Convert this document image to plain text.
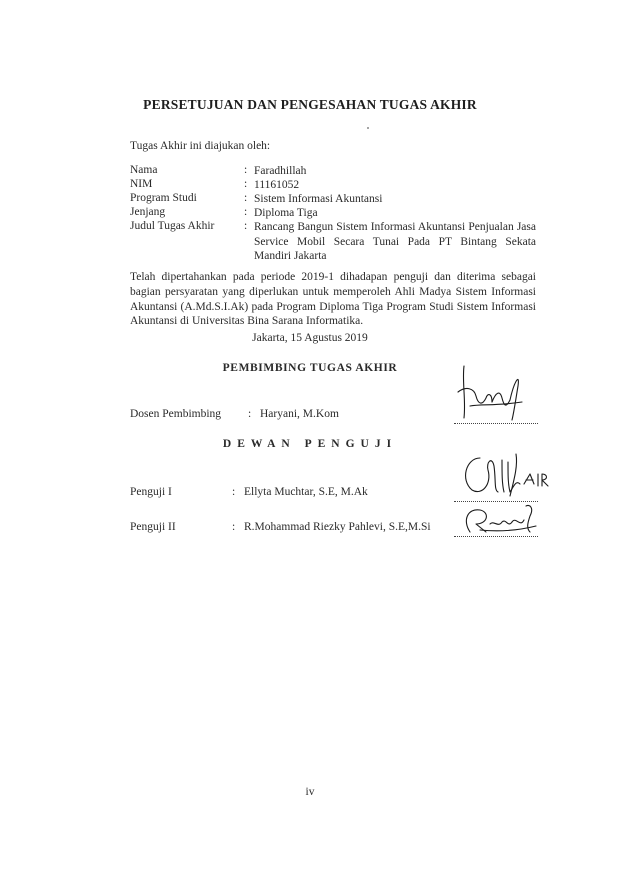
PERSETUJUAN DAN PENGESAHAN TUGAS AKHIR
Tugas Akhir ini diajukan oleh:
Nama	: Faradhillah
NIM	: 11161052
Program Studi	: Sistem Informasi Akuntansi
Jenjang	: Diploma Tiga
Judul Tugas Akhir	: Rancang Bangun Sistem Informasi Akuntansi Penjualan Jasa Service Mobil Secara Tunai Pada PT Bintang Sekata Mandiri Jakarta
Telah dipertahankan pada periode 2019-1 dihadapan penguji dan diterima sebagai bagian persyaratan yang diperlukan untuk memperoleh Ahli Madya Sistem Informasi Akuntansi (A.Md.S.I.Ak) pada Program Diploma Tiga Program Studi Sistem Informasi Akuntansi di Universitas Bina Sarana Informatika.
Jakarta, 15 Agustus 2019
PEMBIMBING TUGAS AKHIR
Dosen Pembimbing : Haryani, M.Kom
DEWAN PENGUJI
Penguji I	: Ellyta Muchtar, S.E, M.Ak
Penguji II	: R.Mohammad Riezky Pahlevi, S.E,M.Si
iv
